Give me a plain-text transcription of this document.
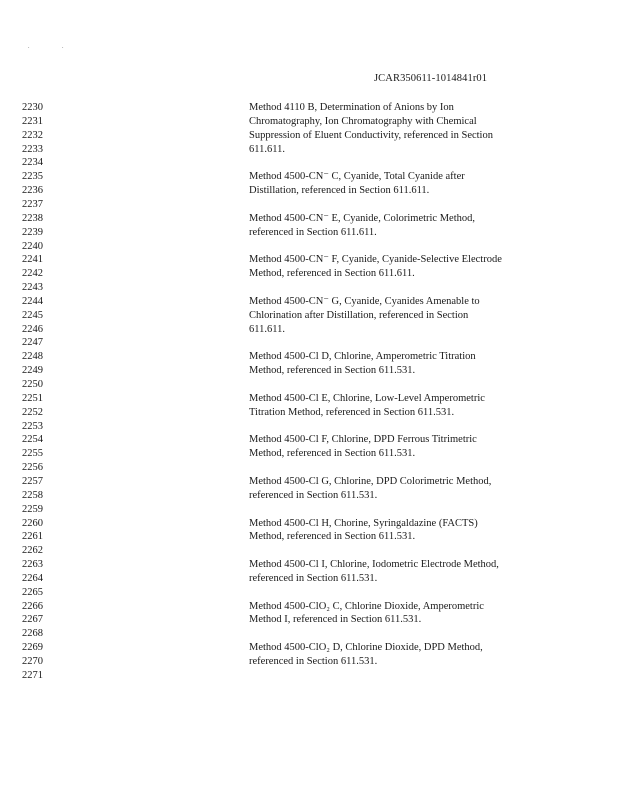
.	.
JCAR350611-1014841r01
2230	Method 4110 B, Determination of Anions by Ion
2231	Chromatography, Ion Chromatography with Chemical
2232	Suppression of Eluent Conductivity, referenced in Section
2233	611.611.
2234
2235	Method 4500-CN⁻ C, Cyanide, Total Cyanide after
2236	Distillation, referenced in Section 611.611.
2237
2238	Method 4500-CN⁻ E, Cyanide, Colorimetric Method,
2239	referenced in Section 611.611.
2240
2241	Method 4500-CN⁻ F, Cyanide, Cyanide-Selective Electrode
2242	Method, referenced in Section 611.611.
2243
2244	Method 4500-CN⁻ G, Cyanide, Cyanides Amenable to
2245	Chlorination after Distillation, referenced in Section
2246	611.611.
2247
2248	Method 4500-Cl D, Chlorine, Amperometric Titration
2249	Method, referenced in Section 611.531.
2250
2251	Method 4500-Cl E, Chlorine, Low-Level Amperometric
2252	Titration Method, referenced in Section 611.531.
2253
2254	Method 4500-Cl F, Chlorine, DPD Ferrous Titrimetric
2255	Method, referenced in Section 611.531.
2256
2257	Method 4500-Cl G, Chlorine, DPD Colorimetric Method,
2258	referenced in Section 611.531.
2259
2260	Method 4500-Cl H, Chorine, Syringaldazine (FACTS)
2261	Method, referenced in Section 611.531.
2262
2263	Method 4500-Cl I, Chlorine, Iodometric Electrode Method,
2264	referenced in Section 611.531.
2265
2266	Method 4500-ClO₂ C, Chlorine Dioxide, Amperometric
2267	Method I, referenced in Section 611.531.
2268
2269	Method 4500-ClO₂ D, Chlorine Dioxide, DPD Method,
2270	referenced in Section 611.531.
2271
